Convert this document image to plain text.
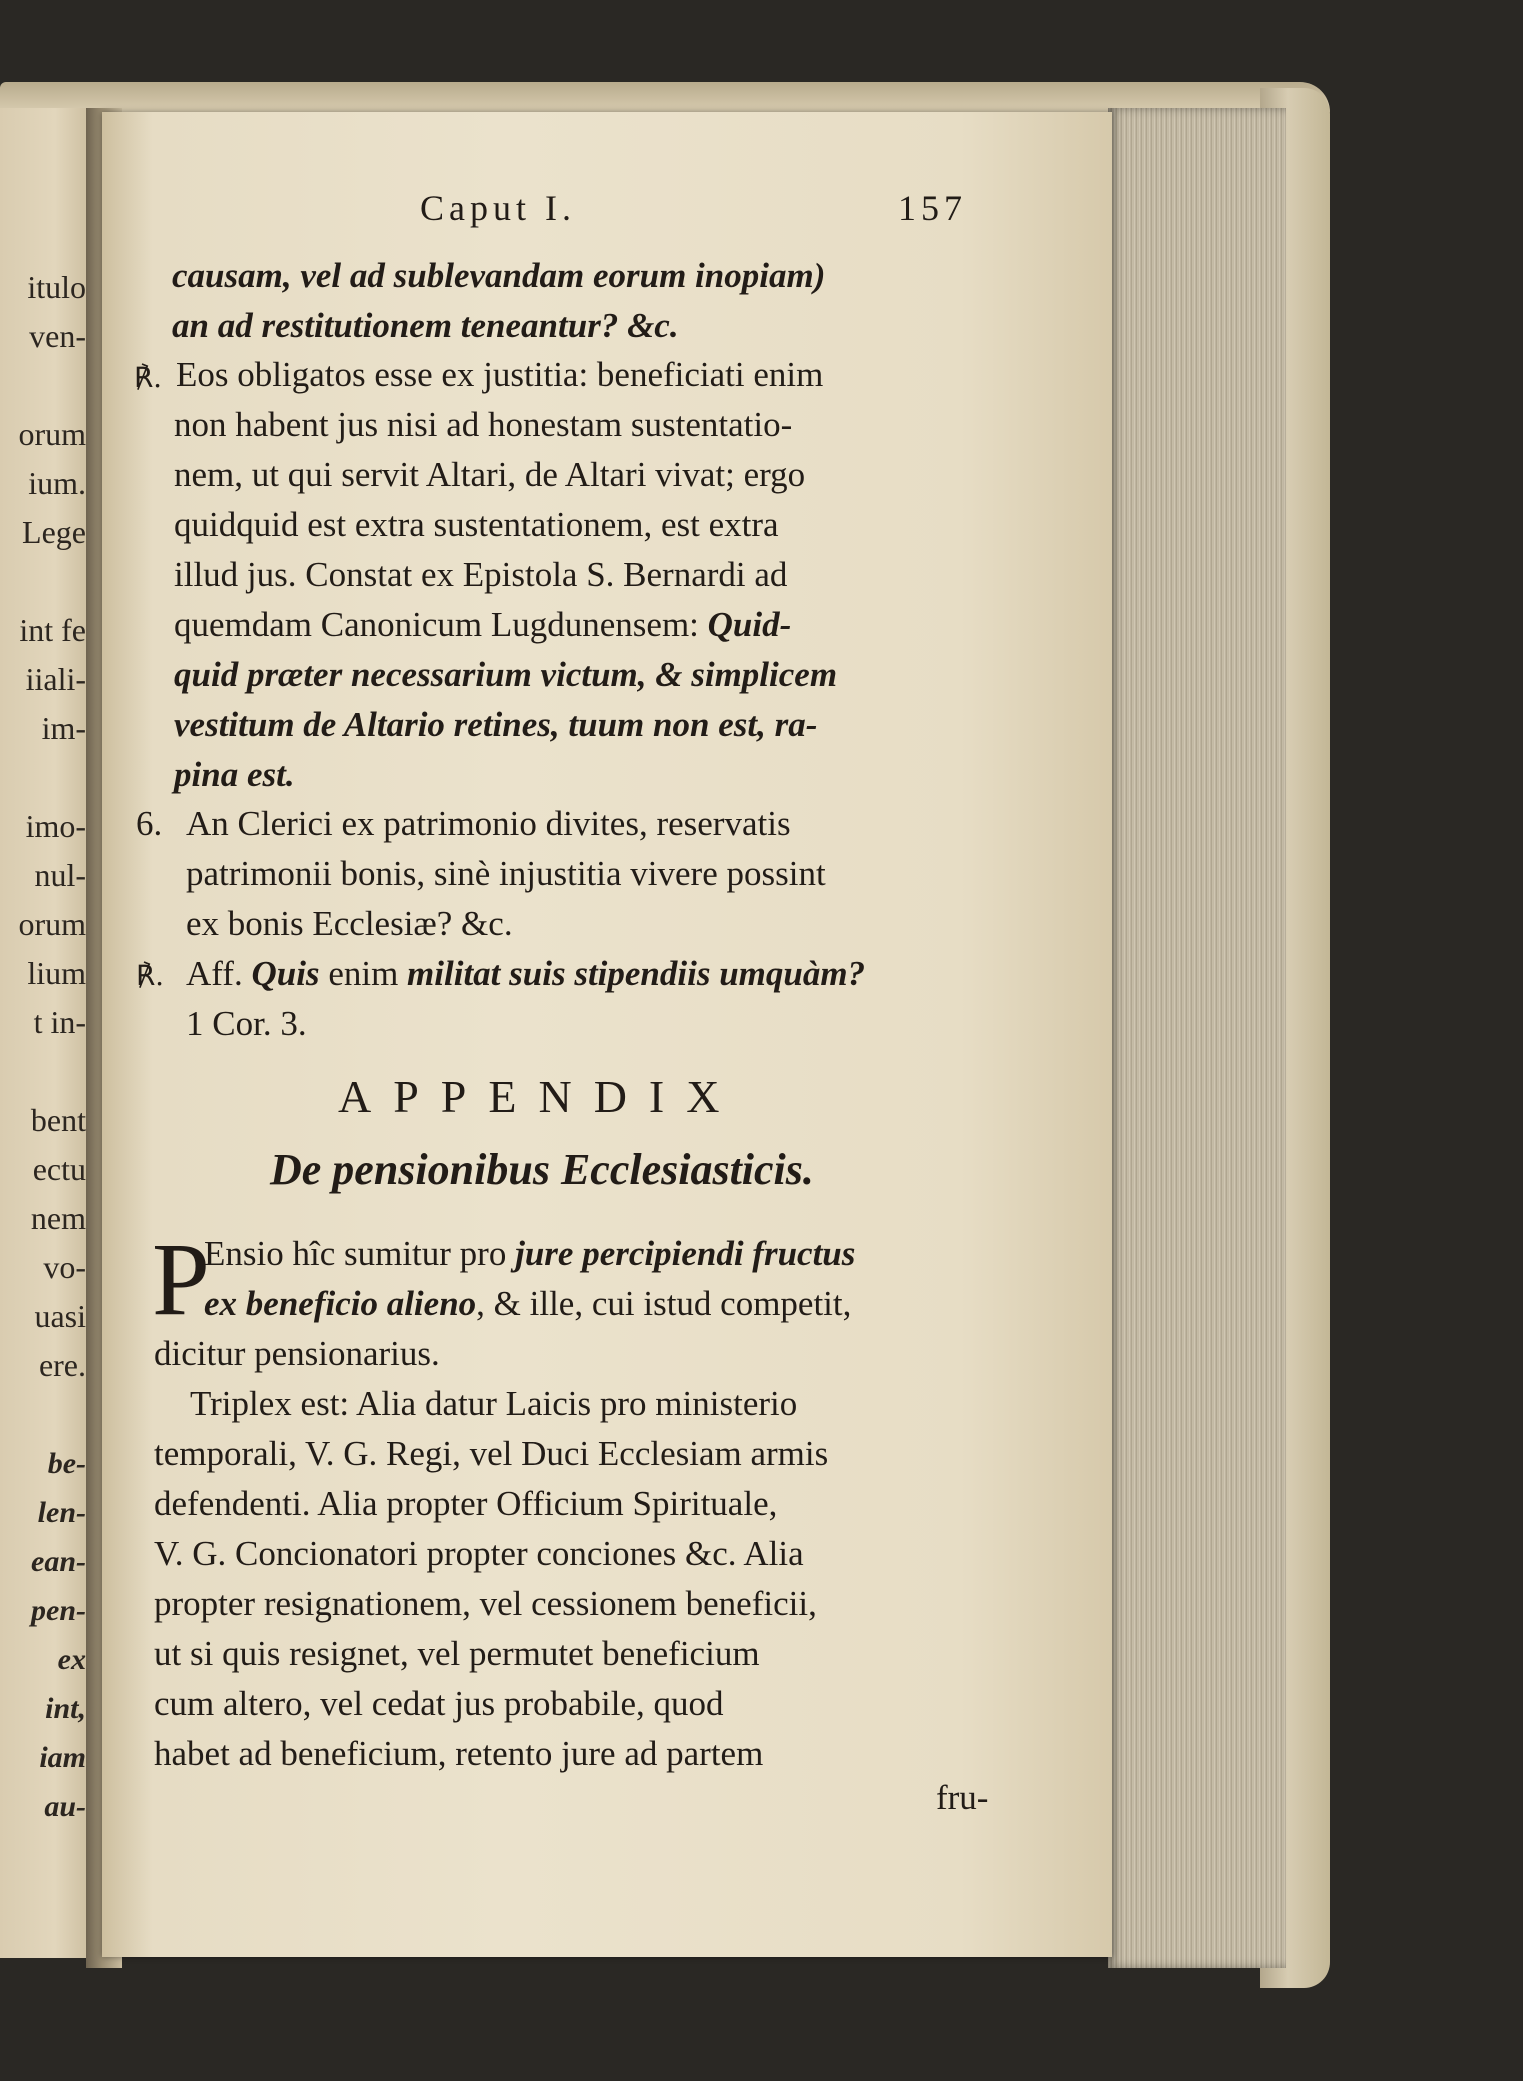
itulo
ven-
orum
ium.
Lege
int fe
iiali-
im-
imo-
nul-
orum
lium
t in-
bent
ectu
nem
vo-
uasi
ere.
be-
len-
ean-
pen-
ex
int,
iam
au-
Caput I.	157
causam, vel ad sublevandam eorum inopiam)
an ad restitutionem teneantur? &c.
℟. Eos obligatos esse ex justitia: beneficiati enim
non habent jus nisi ad honestam sustentatio-
nem, ut qui servit Altari, de Altari vivat; ergo
quidquid est extra sustentationem, est extra
illud jus. Constat ex Epistola S. Bernardi ad
quemdam Canonicum Lugdunensem: Quid-
quid præter necessarium victum, & simplicem
vestitum de Altario retines, tuum non est, ra-
pina est.
6. An Clerici ex patrimonio divites, reservatis
patrimonii bonis, sinè injustitia vivere possint
ex bonis Ecclesiæ? &c.
℟. Aff. Quis enim militat suis stipendiis umquàm?
1 Cor. 3.
APPENDIX
De pensionibus Ecclesiasticis.
P
Ensio hîc sumitur pro jure percipiendi fructus
ex beneficio alieno, & ille, cui istud competit,
dicitur pensionarius.
Triplex est: Alia datur Laicis pro ministerio
temporali, V. G. Regi, vel Duci Ecclesiam armis
defendenti. Alia propter Officium Spirituale,
V. G. Concionatori propter conciones &c. Alia
propter resignationem, vel cessionem beneficii,
ut si quis resignet, vel permutet beneficium
cum altero, vel cedat jus probabile, quod
habet ad beneficium, retento jure ad partem
fru-
